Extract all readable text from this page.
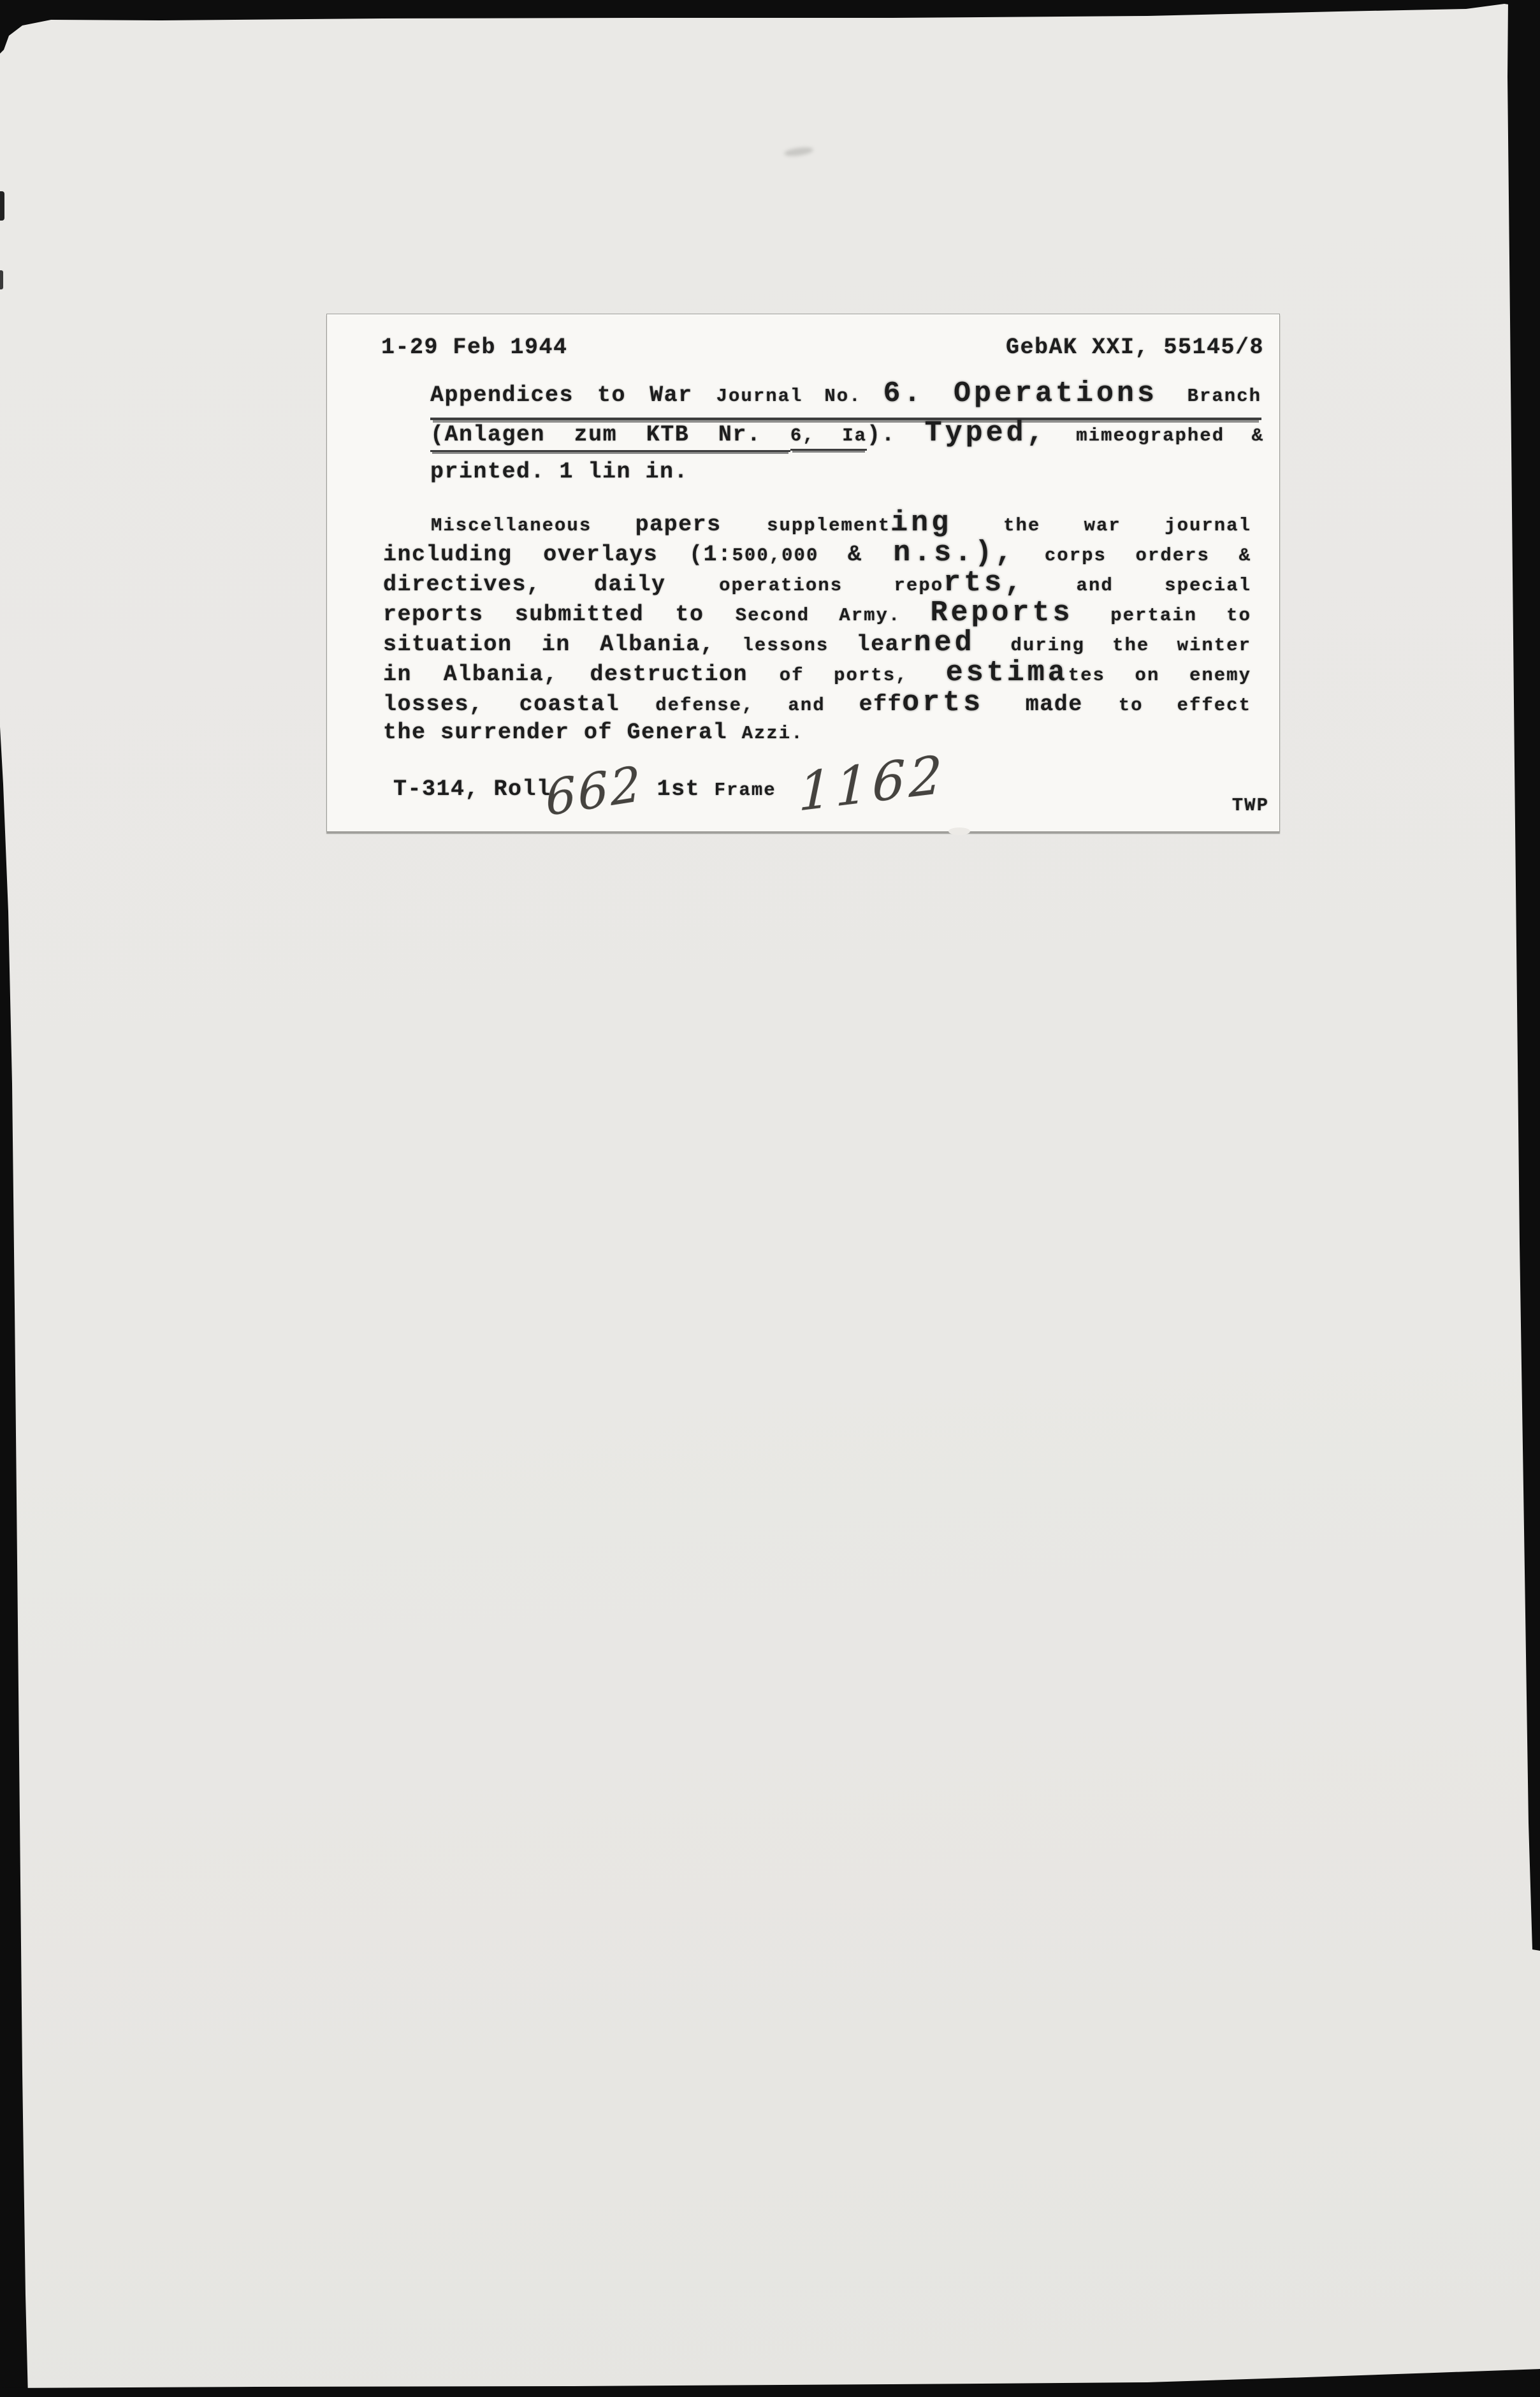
1-29 Feb 1944	GebAK XXI, 55145/8
Appendices to War Journal No. 6. Operations Branch
(Anlagen zum KTB Nr. 6, Ia). Typed, mimeographed &
printed. 1 lin in.
Miscellaneous papers supplementing the war journal
including overlays (1:500,000 & n.s.), corps orders &
directives, daily operations reports, and special
reports submitted to Second Army. Reports pertain to
situation in Albania, lessons learned during the winter
in Albania, destruction of ports, estimates on enemy
losses, coastal defense, and efforts made to effect
the surrender of General Azzi.
T-314, Roll662 1st Frame 1162	TWP
